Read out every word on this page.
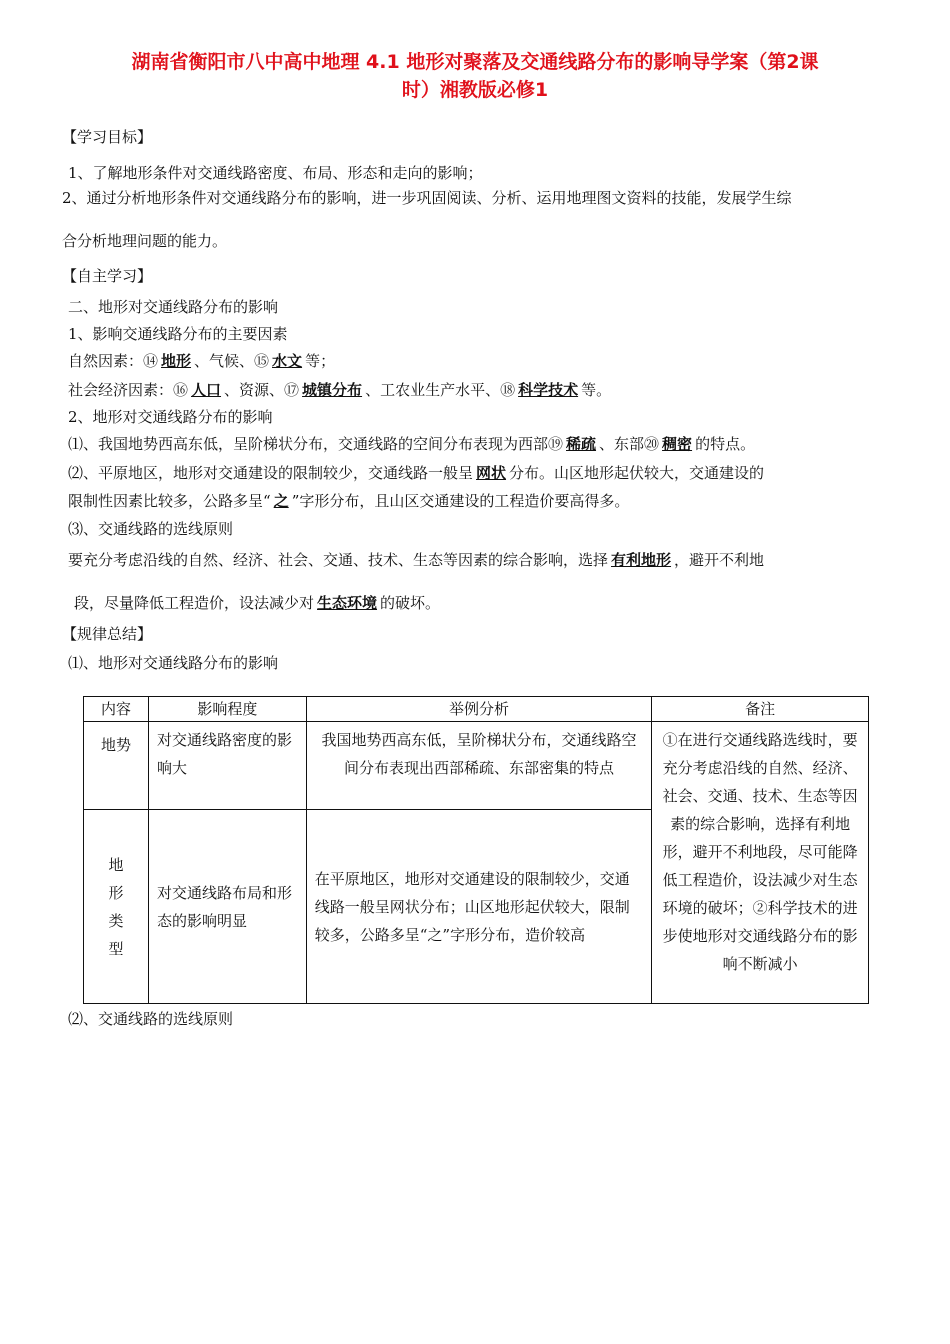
湖南省衡阳市八中高中地理 4.1 地形对聚落及交通线路分布的影响导学案（第2课
时）湘教版必修1
【学习目标】
1、了解地形条件对交通线路密度、布局、形态和走向的影响；
2、通过分析地形条件对交通线路分布的影响，进一步巩固阅读、分析、运用地理图文资料的技能，发展学生综
合分析地理问题的能力。
【自主学习】
二、地形对交通线路分布的影响
1、影响交通线路分布的主要因素
自然因素：⑭ 地形 、气候、⑮ 水文 等；
社会经济因素：⑯ 人口 、资源、⑰ 城镇分布 、工农业生产水平、⑱ 科学技术 等。
2、地形对交通线路分布的影响
⑴、我国地势西高东低，呈阶梯状分布，交通线路的空间分布表现为西部⑲ 稀疏 、东部⑳ 稠密 的特点。
⑵、平原地区，地形对交通建设的限制较少，交通线路一般呈 网状 分布。山区地形起伏较大，交通建设的
限制性因素比较多，公路多呈“ 之 ”字形分布，且山区交通建设的工程造价要高得多。
⑶、交通线路的选线原则
要充分考虑沿线的自然、经济、社会、交通、技术、生态等因素的综合影响，选择 有利地形 ，避开不利地
段，尽量降低工程造价，设法减少对 生态环境 的破坏。
【规律总结】
⑴、地形对交通线路分布的影响
内容	影响程度	举例分析	备注
地势	对交通线路密度的影响大	我国地势西高东低，呈阶梯状分布，交通线路空间分布表现出西部稀疏、东部密集的特点	①在进行交通线路选线时，要充分考虑沿线的自然、经济、社会、交通、技术、生态等因素的综合影响，选择有利地形，避开不利地段，尽可能降低工程造价，设法减少对生态环境的破坏；②科学技术的进步使地形对交通线路分布的影响不断减小
地形类型	对交通线路布局和形态的影响明显	在平原地区，地形对交通建设的限制较少，交通线路一般呈网状分布；山区地形起伏较大，限制较多，公路多呈“之”字形分布，造价较高	
⑵、交通线路的选线原则
